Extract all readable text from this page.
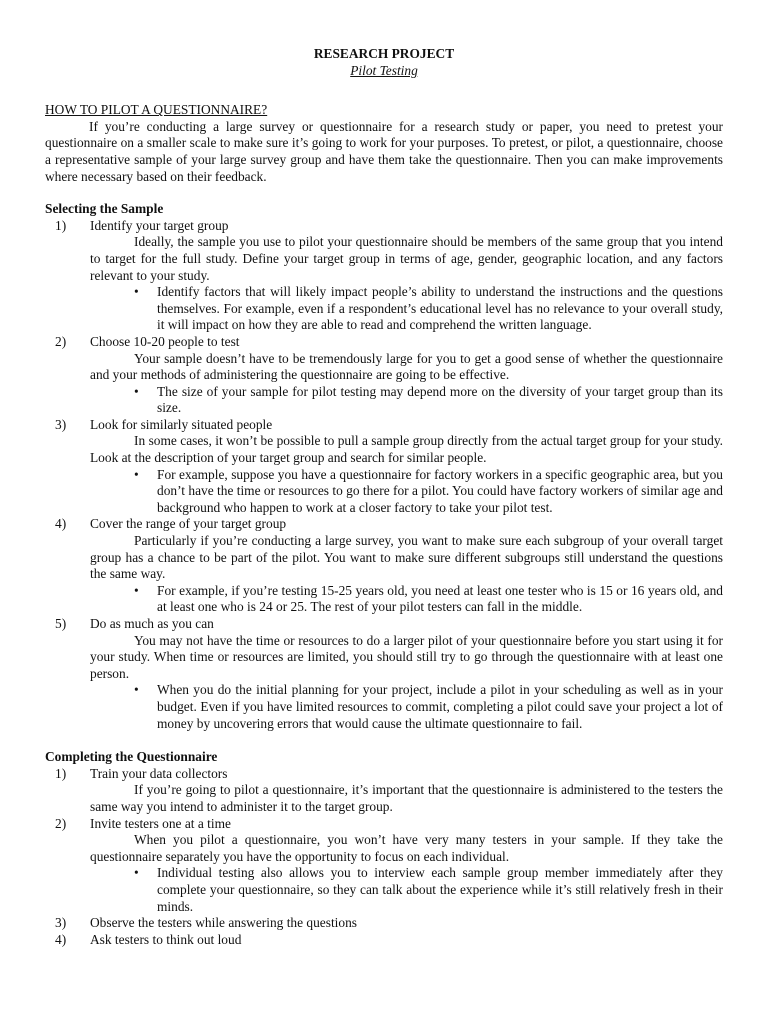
RESEARCH PROJECT
Pilot Testing
HOW TO PILOT A QUESTIONNAIRE?

If you’re conducting a large survey or questionnaire for a research study or paper, you need to pretest your questionnaire on a smaller scale to make sure it’s going to work for your purposes. To pretest, or pilot, a questionnaire, choose a representative sample of your large survey group and have them take the questionnaire. Then you can make improvements where necessary based on their feedback.

Selecting the Sample
1)	Identify your target group

Ideally, the sample you use to pilot your questionnaire should be members of the same group that you intend to target for the full study. Define your target group in terms of age, gender, geographic location, and any factors relevant to your study.

• Identify factors that will likely impact people’s ability to understand the instructions and the questions themselves. For example, even if a respondent’s educational level has no relevance to your overall study, it will impact on how they are able to read and comprehend the written language.
2)	Choose 10-20 people to test

Your sample doesn’t have to be tremendously large for you to get a good sense of whether the questionnaire and your methods of administering the questionnaire are going to be effective.

• The size of your sample for pilot testing may depend more on the diversity of your target group than its size.
3)	Look for similarly situated people

In some cases, it won’t be possible to pull a sample group directly from the actual target group for your study. Look at the description of your target group and search for similar people.

• For example, suppose you have a questionnaire for factory workers in a specific geographic area, but you don’t have the time or resources to go there for a pilot. You could have factory workers of similar age and background who happen to work at a closer factory to take your pilot test.
4)	Cover the range of your target group

Particularly if you’re conducting a large survey, you want to make sure each subgroup of your overall target group has a chance to be part of the pilot. You want to make sure different subgroups still understand the questions the same way.

• For example, if you’re testing 15-25 years old, you need at least one tester who is 15 or 16 years old, and at least one who is 24 or 25. The rest of your pilot testers can fall in the middle.
5)	Do as much as you can

You may not have the time or resources to do a larger pilot of your questionnaire before you start using it for your study. When time or resources are limited, you should still try to go through the questionnaire with at least one person.

• When you do the initial planning for your project, include a pilot in your scheduling as well as in your budget. Even if you have limited resources to commit, completing a pilot could save your project a lot of money by uncovering errors that would cause the ultimate questionnaire to fail.
Completing the Questionnaire
1)	Train your data collectors

If you’re going to pilot a questionnaire, it’s important that the questionnaire is administered to the testers the same way you intend to administer it to the target group.

2)	Invite testers one at a time

When you pilot a questionnaire, you won’t have very many testers in your sample. If they take the questionnaire separately you have the opportunity to focus on each individual.

• Individual testing also allows you to interview each sample group member immediately after they complete your questionnaire, so they can talk about the experience while it’s still relatively fresh in their minds.
3)	Observe the testers while answering the questions
4)	Ask testers to think out loud
